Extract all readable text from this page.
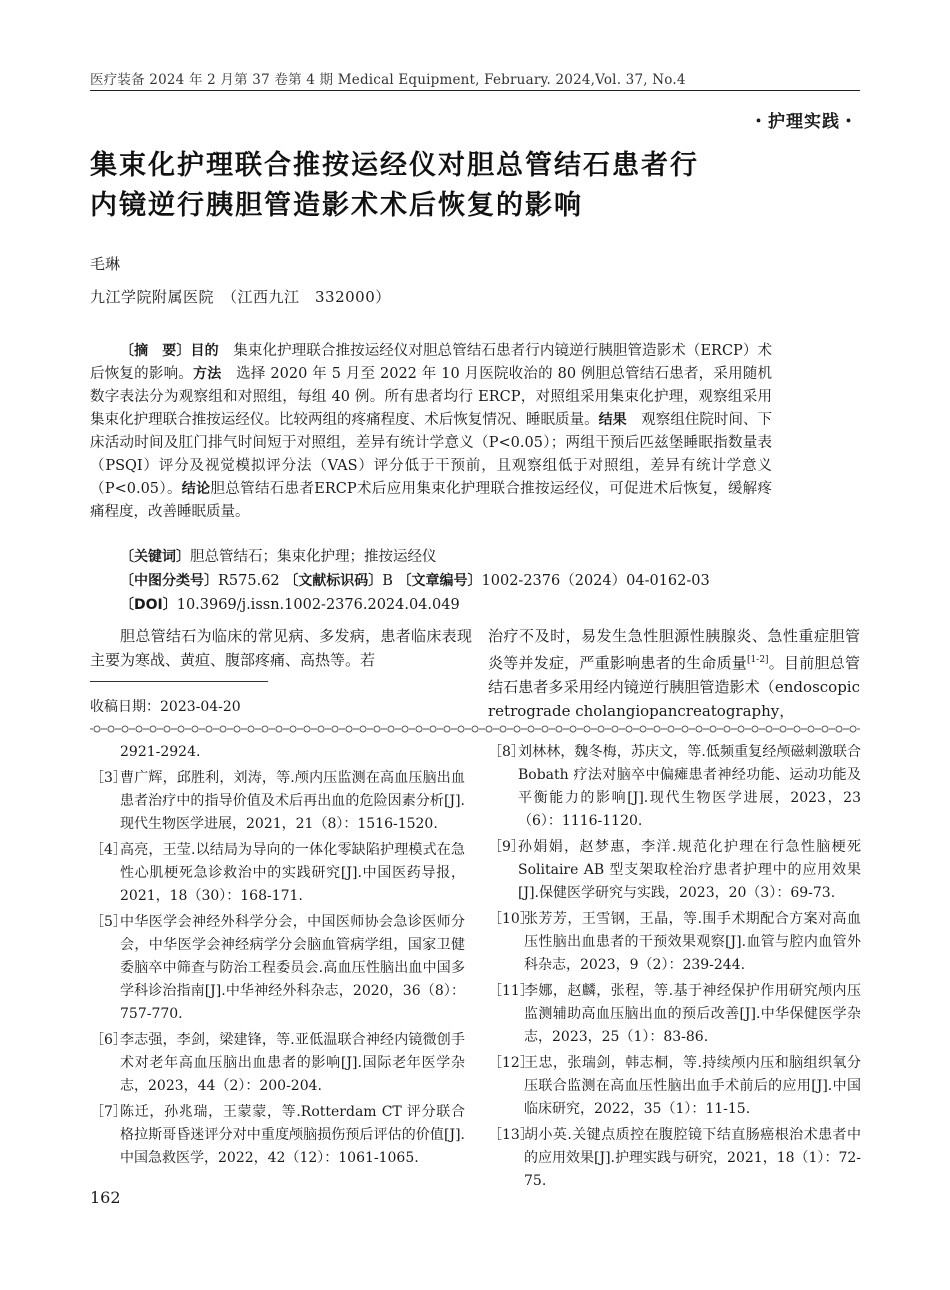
医疗装备 2024 年 2 月第 37 卷第 4 期 Medical Equipment, February. 2024,Vol. 37, No.4
・护理实践・
集束化护理联合推按运经仪对胆总管结石患者行
内镜逆行胰胆管造影术术后恢复的影响
毛琳
九江学院附属医院　（江西九江　332000）
〔摘　要〕目的　集束化护理联合推按运经仪对胆总管结石患者行内镜逆行胰胆管造影术（ERCP）术后恢复的影响。方法　选择 2020 年 5 月至 2022 年 10 月医院收治的 80 例胆总管结石患者，采用随机数字表法分为观察组和对照组，每组 40 例。所有患者均行 ERCP，对照组采用集束化护理，观察组采用集束化护理联合推按运经仪。比较两组的疼痛程度、术后恢复情况、睡眠质量。结果　观察组住院时间、下床活动时间及肛门排气时间短于对照组，差异有统计学意义（P<0.05）；两组干预后匹兹堡睡眠指数量表（PSQI）评分及视觉模拟评分法（VAS）评分低于干预前，且观察组低于对照组，差异有统计学意义（P<0.05）。结论胆总管结石患者ERCP术后应用集束化护理联合推按运经仪，可促进术后恢复，缓解疼痛程度，改善睡眠质量。
〔关键词〕胆总管结石；集束化护理；推按运经仪
〔中图分类号〕R575.62 〔文献标识码〕B 〔文章编号〕1002-2376（2024）04-0162-03
〔DOI〕10.3969/j.issn.1002-2376.2024.04.049
胆总管结石为临床的常见病、多发病，患者临床表现主要为寒战、黄疸、腹部疼痛、高热等。若
收稿日期：2023-04-20
治疗不及时，易发生急性胆源性胰腺炎、急性重症胆管炎等并发症，严重影响患者的生命质量[1-2]。目前胆总管结石患者多采用经内镜逆行胰胆管造影术（endoscopic retrograde cholangiopancreatography，
2921-2924.
［3］
曹广辉，邱胜利，刘涛，等.颅内压监测在高血压脑出血患者治疗中的指导价值及术后再出血的危险因素分析[J].现代生物医学进展，2021，21（8）：1516-1520.
［4］
高亮，王莹.以结局为导向的一体化零缺陷护理模式在急性心肌梗死急诊救治中的实践研究[J].中国医药导报，2021，18（30）：168-171.
［5］
中华医学会神经外科学分会，中国医师协会急诊医师分会，中华医学会神经病学分会脑血管病学组，国家卫健委脑卒中筛查与防治工程委员会.高血压性脑出血中国多学科诊治指南[J].中华神经外科杂志，2020，36（8）：757-770.
［6］
李志强，李剑，梁建锋，等.亚低温联合神经内镜微创手术对老年高血压脑出血患者的影响[J].国际老年医学杂志，2023，44（2）：200-204.
［7］
陈迁，孙兆瑞，王蒙蒙，等.Rotterdam CT 评分联合格拉斯哥昏迷评分对中重度颅脑损伤预后评估的价值[J].中国急救医学，2022，42（12）：1061-1065.
［8］
刘林林，魏冬梅，苏庆文，等.低频重复经颅磁刺激联合 Bobath 疗法对脑卒中偏瘫患者神经功能、运动功能及平衡能力的影响[J].现代生物医学进展，2023，23（6）：1116-1120.
［9］
孙娟娟，赵梦惠，李洋.规范化护理在行急性脑梗死 Solitaire AB 型支架取栓治疗患者护理中的应用效果[J].保健医学研究与实践，2023，20（3）：69-73.
［10］
张芳芳，王雪钢，王晶，等.围手术期配合方案对高血压性脑出血患者的干预效果观察[J].血管与腔内血管外科杂志，2023，9（2）：239-244.
［11］
李娜，赵麟，张程，等.基于神经保护作用研究颅内压监测辅助高血压脑出血的预后改善[J].中华保健医学杂志，2023，25（1）：83-86.
［12］
王忠，张瑞剑，韩志桐，等.持续颅内压和脑组织氧分压联合监测在高血压性脑出血手术前后的应用[J].中国临床研究，2022，35（1）：11-15.
［13］
胡小英.关键点质控在腹腔镜下结直肠癌根治术患者中的应用效果[J].护理实践与研究，2021，18（1）：72-75.
162
